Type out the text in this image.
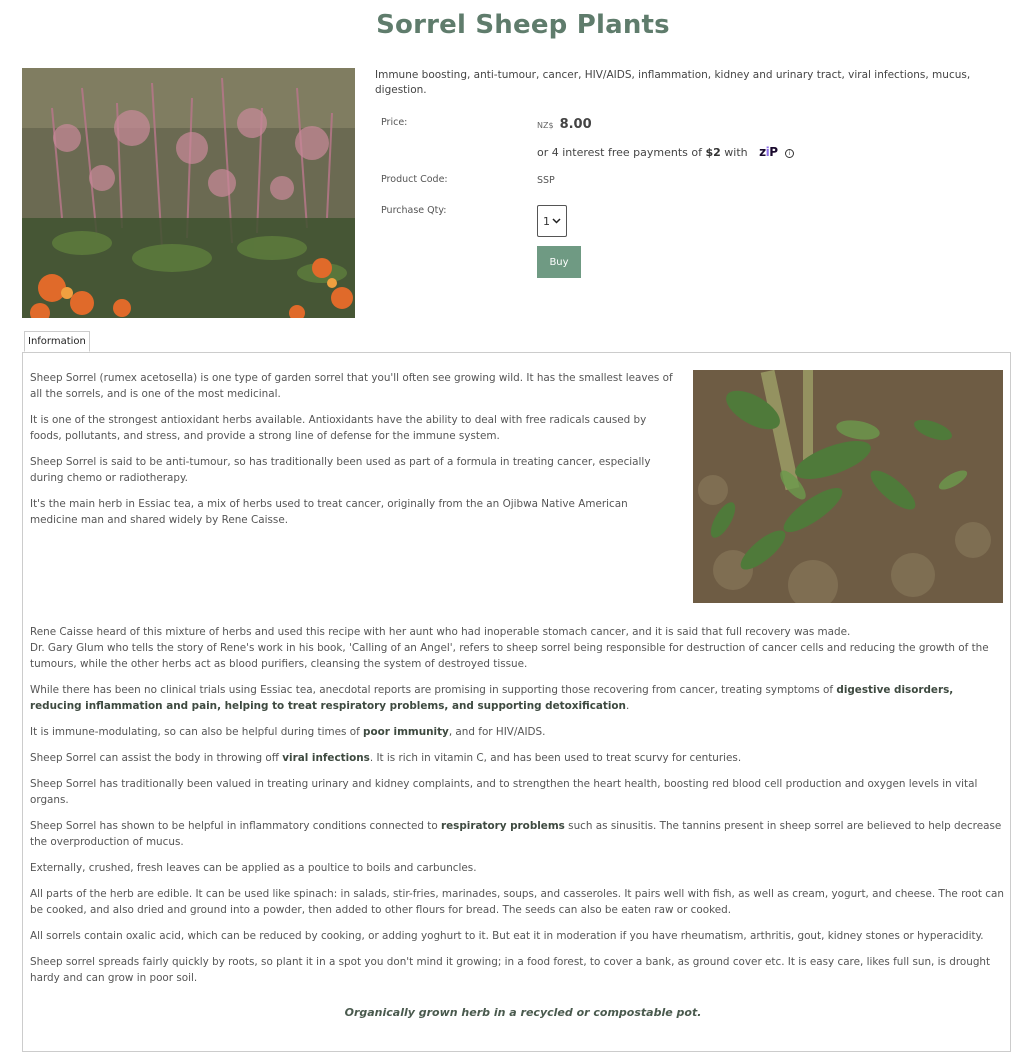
Sorrel Sheep Plants
Immune boosting, anti-tumour, cancer, HIV/AIDS, inflammation, kidney and urinary tract, viral infections, mucus, digestion.
Price:	NZ$ 8.00
or 4 interest free payments of $2 with ziP i
Product Code:	SSP
Purchase Qty:
1
Buy
Information

Sheep Sorrel (rumex acetosella) is one type of garden sorrel that you'll often see growing wild. It has the smallest leaves of all the sorrels, and is one of the most medicinal.

It is one of the strongest antioxidant herbs available. Antioxidants have the ability to deal with free radicals caused by foods, pollutants, and stress, and provide a strong line of defense for the immune system.

Sheep Sorrel is said to be anti-tumour, so has traditionally been used as part of a formula in treating cancer, especially during chemo or radiotherapy.

It's the main herb in Essiac tea, a mix of herbs used to treat cancer, originally from the an Ojibwa Native American medicine man and shared widely by Rene Caisse.

Rene Caisse heard of this mixture of herbs and used this recipe with her aunt who had inoperable stomach cancer, and it is said that full recovery was made.

Dr. Gary Glum who tells the story of Rene's work in his book, 'Calling of an Angel', refers to sheep sorrel being responsible for destruction of cancer cells and reducing the growth of the tumours, while the other herbs act as blood purifiers, cleansing the system of destroyed tissue.

While there has been no clinical trials using Essiac tea, anecdotal reports are promising in supporting those recovering from cancer, treating symptoms of digestive disorders, reducing inflammation and pain, helping to treat respiratory problems, and supporting detoxification.

It is immune-modulating, so can also be helpful during times of poor immunity, and for HIV/AIDS.

Sheep Sorrel can assist the body in throwing off viral infections. It is rich in vitamin C, and has been used to treat scurvy for centuries.

Sheep Sorrel has traditionally been valued in treating urinary and kidney complaints, and to strengthen the heart health, boosting red blood cell production and oxygen levels in vital organs.

Sheep Sorrel has shown to be helpful in inflammatory conditions connected to respiratory problems such as sinusitis. The tannins present in sheep sorrel are believed to help decrease the overproduction of mucus.

Externally, crushed, fresh leaves can be applied as a poultice to boils and carbuncles.

All parts of the herb are edible. It can be used like spinach: in salads, stir-fries, marinades, soups, and casseroles. It pairs well with fish, as well as cream, yogurt, and cheese. The root can be cooked, and also dried and ground into a powder, then added to other flours for bread. The seeds can also be eaten raw or cooked.

All sorrels contain oxalic acid, which can be reduced by cooking, or adding yoghurt to it. But eat it in moderation if you have rheumatism, arthritis, gout, kidney stones or hyperacidity.

Sheep sorrel spreads fairly quickly by roots, so plant it in a spot you don't mind it growing; in a food forest, to cover a bank, as ground cover etc. It is easy care, likes full sun, is drought hardy and can grow in poor soil.

Organically grown herb in a recycled or compostable pot.
